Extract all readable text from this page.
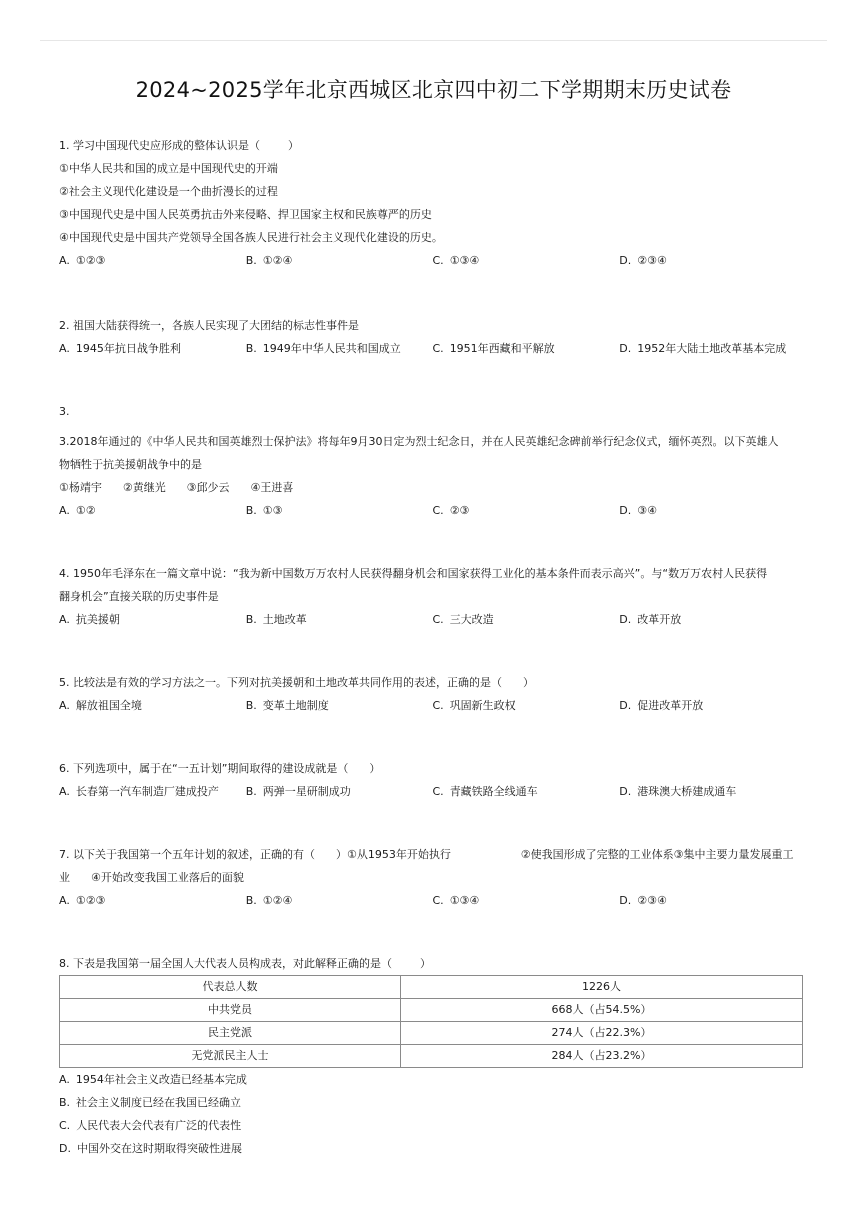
2024~2025学年北京西城区北京四中初二下学期期末历史试卷
1. 学习中国现代史应形成的整体认识是（        ）
①中华人民共和国的成立是中国现代史的开端
②社会主义现代化建设是一个曲折漫长的过程
③中国现代史是中国人民英勇抗击外来侵略、捍卫国家主权和民族尊严的历史
④中国现代史是中国共产党领导全国各族人民进行社会主义现代化建设的历史。
A. ①②③	B. ①②④	C. ①③④	D. ②③④
2. 祖国大陆获得统一，各族人民实现了大团结的标志性事件是
A. 1945年抗日战争胜利	B. 1949年中华人民共和国成立	C. 1951年西藏和平解放	D. 1952年大陆土地改革基本完成
3.
3.2018年通过的《中华人民共和国英雄烈士保护法》将每年9月30日定为烈士纪念日，并在人民英雄纪念碑前举行纪念仪式，缅怀英烈。以下英雄人
物牺牲于抗美援朝战争中的是
①杨靖宇      ②黄继光      ③邱少云      ④王进喜
A. ①②	B. ①③	C. ②③	D. ③④
4. 1950年毛泽东在一篇文章中说：“我为新中国数万万农村人民获得翻身机会和国家获得工业化的基本条件而表示高兴”。与“数万万农村人民获得
翻身机会”直接关联的历史事件是
A. 抗美援朝	B. 土地改革	C. 三大改造	D. 改革开放
5. 比较法是有效的学习方法之一。下列对抗美援朝和土地改革共同作用的表述，正确的是（      ）
A. 解放祖国全境	B. 变革土地制度	C. 巩固新生政权	D. 促进改革开放
6. 下列选项中，属于在“一五计划”期间取得的建设成就是（      ）
A. 长春第一汽车制造厂建成投产	B. 两弹一星研制成功	C. 青藏铁路全线通车	D. 港珠澳大桥建成通车
7. 以下关于我国第一个五年计划的叙述，正确的有（      ）①从1953年开始执行                    ②使我国形成了完整的工业体系③集中主要力量发展重工
业      ④开始改变我国工业落后的面貌
A. ①②③	B. ①②④	C. ①③④	D. ②③④
8. 下表是我国第一届全国人大代表人员构成表，对此解释正确的是（        ）
代表总人数	1226人
中共党员	668人（占54.5%）
民主党派	274人（占22.3%）
无党派民主人士	284人（占23.2%）
A. 1954年社会主义改造已经基本完成
B. 社会主义制度已经在我国已经确立
C. 人民代表大会代表有广泛的代表性
D. 中国外交在这时期取得突破性进展
